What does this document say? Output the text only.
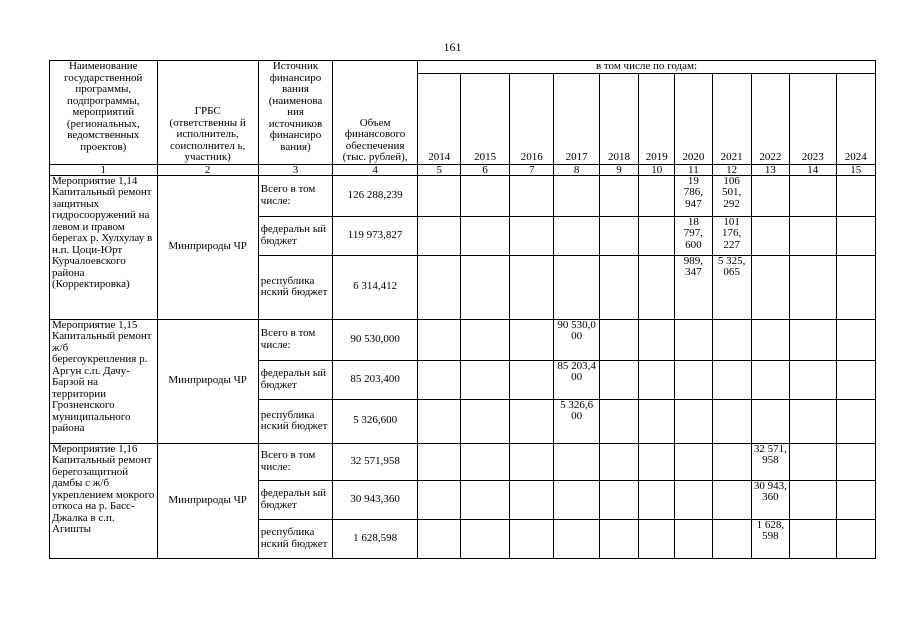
161
Наименование государственной программы, подпрограммы, мероприятий (региональных, ведомственных проектов)	ГРБС (ответственны й исполнитель, соисполнител ь, участник)	Источник финансиро вания (наименова ния источников финансиро вания)	Объем финансового обеспечения (тыс. рублей),	в том числе по годам:										
				2014	2015	2016	2017	2018	2019	2020	2021	2022	2023	2024
1	2	3	4	5	6	7	8	9	10	11	12	13	14	15
Мероприятие 1,14 Капитальный ремонт защитных гидросооружений на левом и правом берегах р. Хулхулау в н.п. Цоци-Юрт Курчалоевского района (Корректировка)	Минприроды ЧР	Всего в том числе:	126 288,239							19 786, 947	106 501, 292			
		федеральн ый бюджет	119 973,827							18 797, 600	101 176, 227			
		республика нский бюджет	6 314,412							989, 347	5 325, 065			
Мероприятие 1,15 Капитальный ремонт ж/б берегоукрепления р. Аргун с.п. Дачу-Барзой на территории Грозненского муниципального района	Минприроды ЧР	Всего в том числе:	90 530,000				90 530,0 00							
		федеральн ый бюджет	85 203,400				85 203,4 00							
		республика нский бюджет	5 326,600				5 326,6 00							
Мероприятие 1,16 Капитальный ремонт берегозащитной дамбы с ж/б укреплением мокрого откоса на р. Басс-Джалка в с.п. Агишты	Минприроды ЧР	Всего в том числе:	32 571,958									32 571, 958		
		федеральн ый бюджет	30 943,360									30 943, 360		
		республика нский бюджет	1 628,598									1 628, 598		
